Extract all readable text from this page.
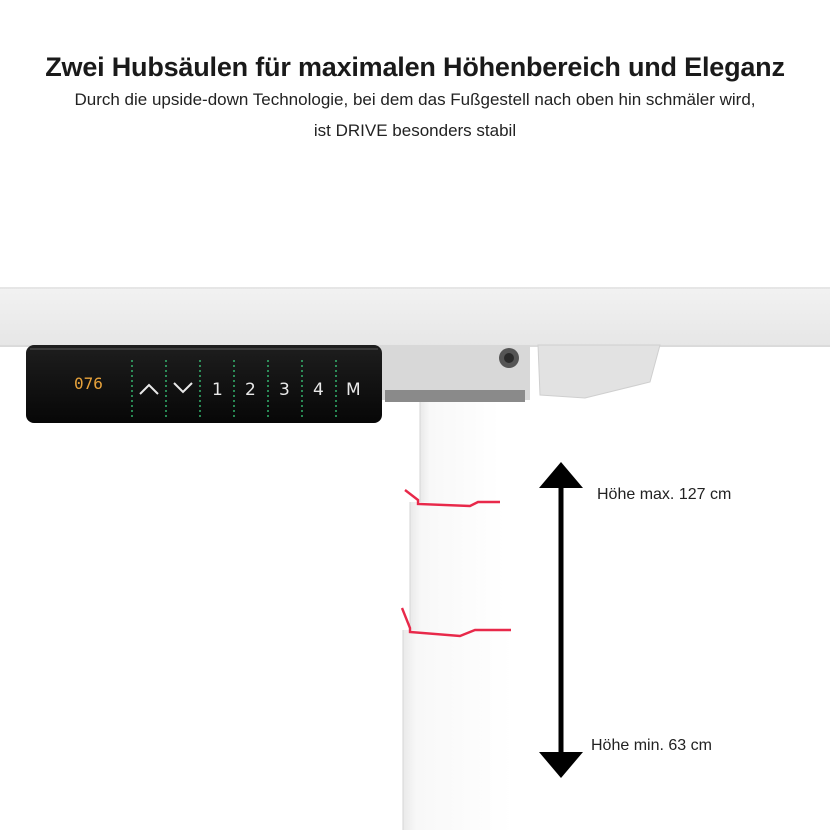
Zwei Hubsäulen für maximalen Höhenbereich und Eleganz
Durch die upside-down Technologie, bei dem das Fußgestell nach oben hin schmäler wird,
ist DRIVE besonders stabil
076	1 2 3 4 M
Höhe max. 127 cm
Höhe min. 63 cm
